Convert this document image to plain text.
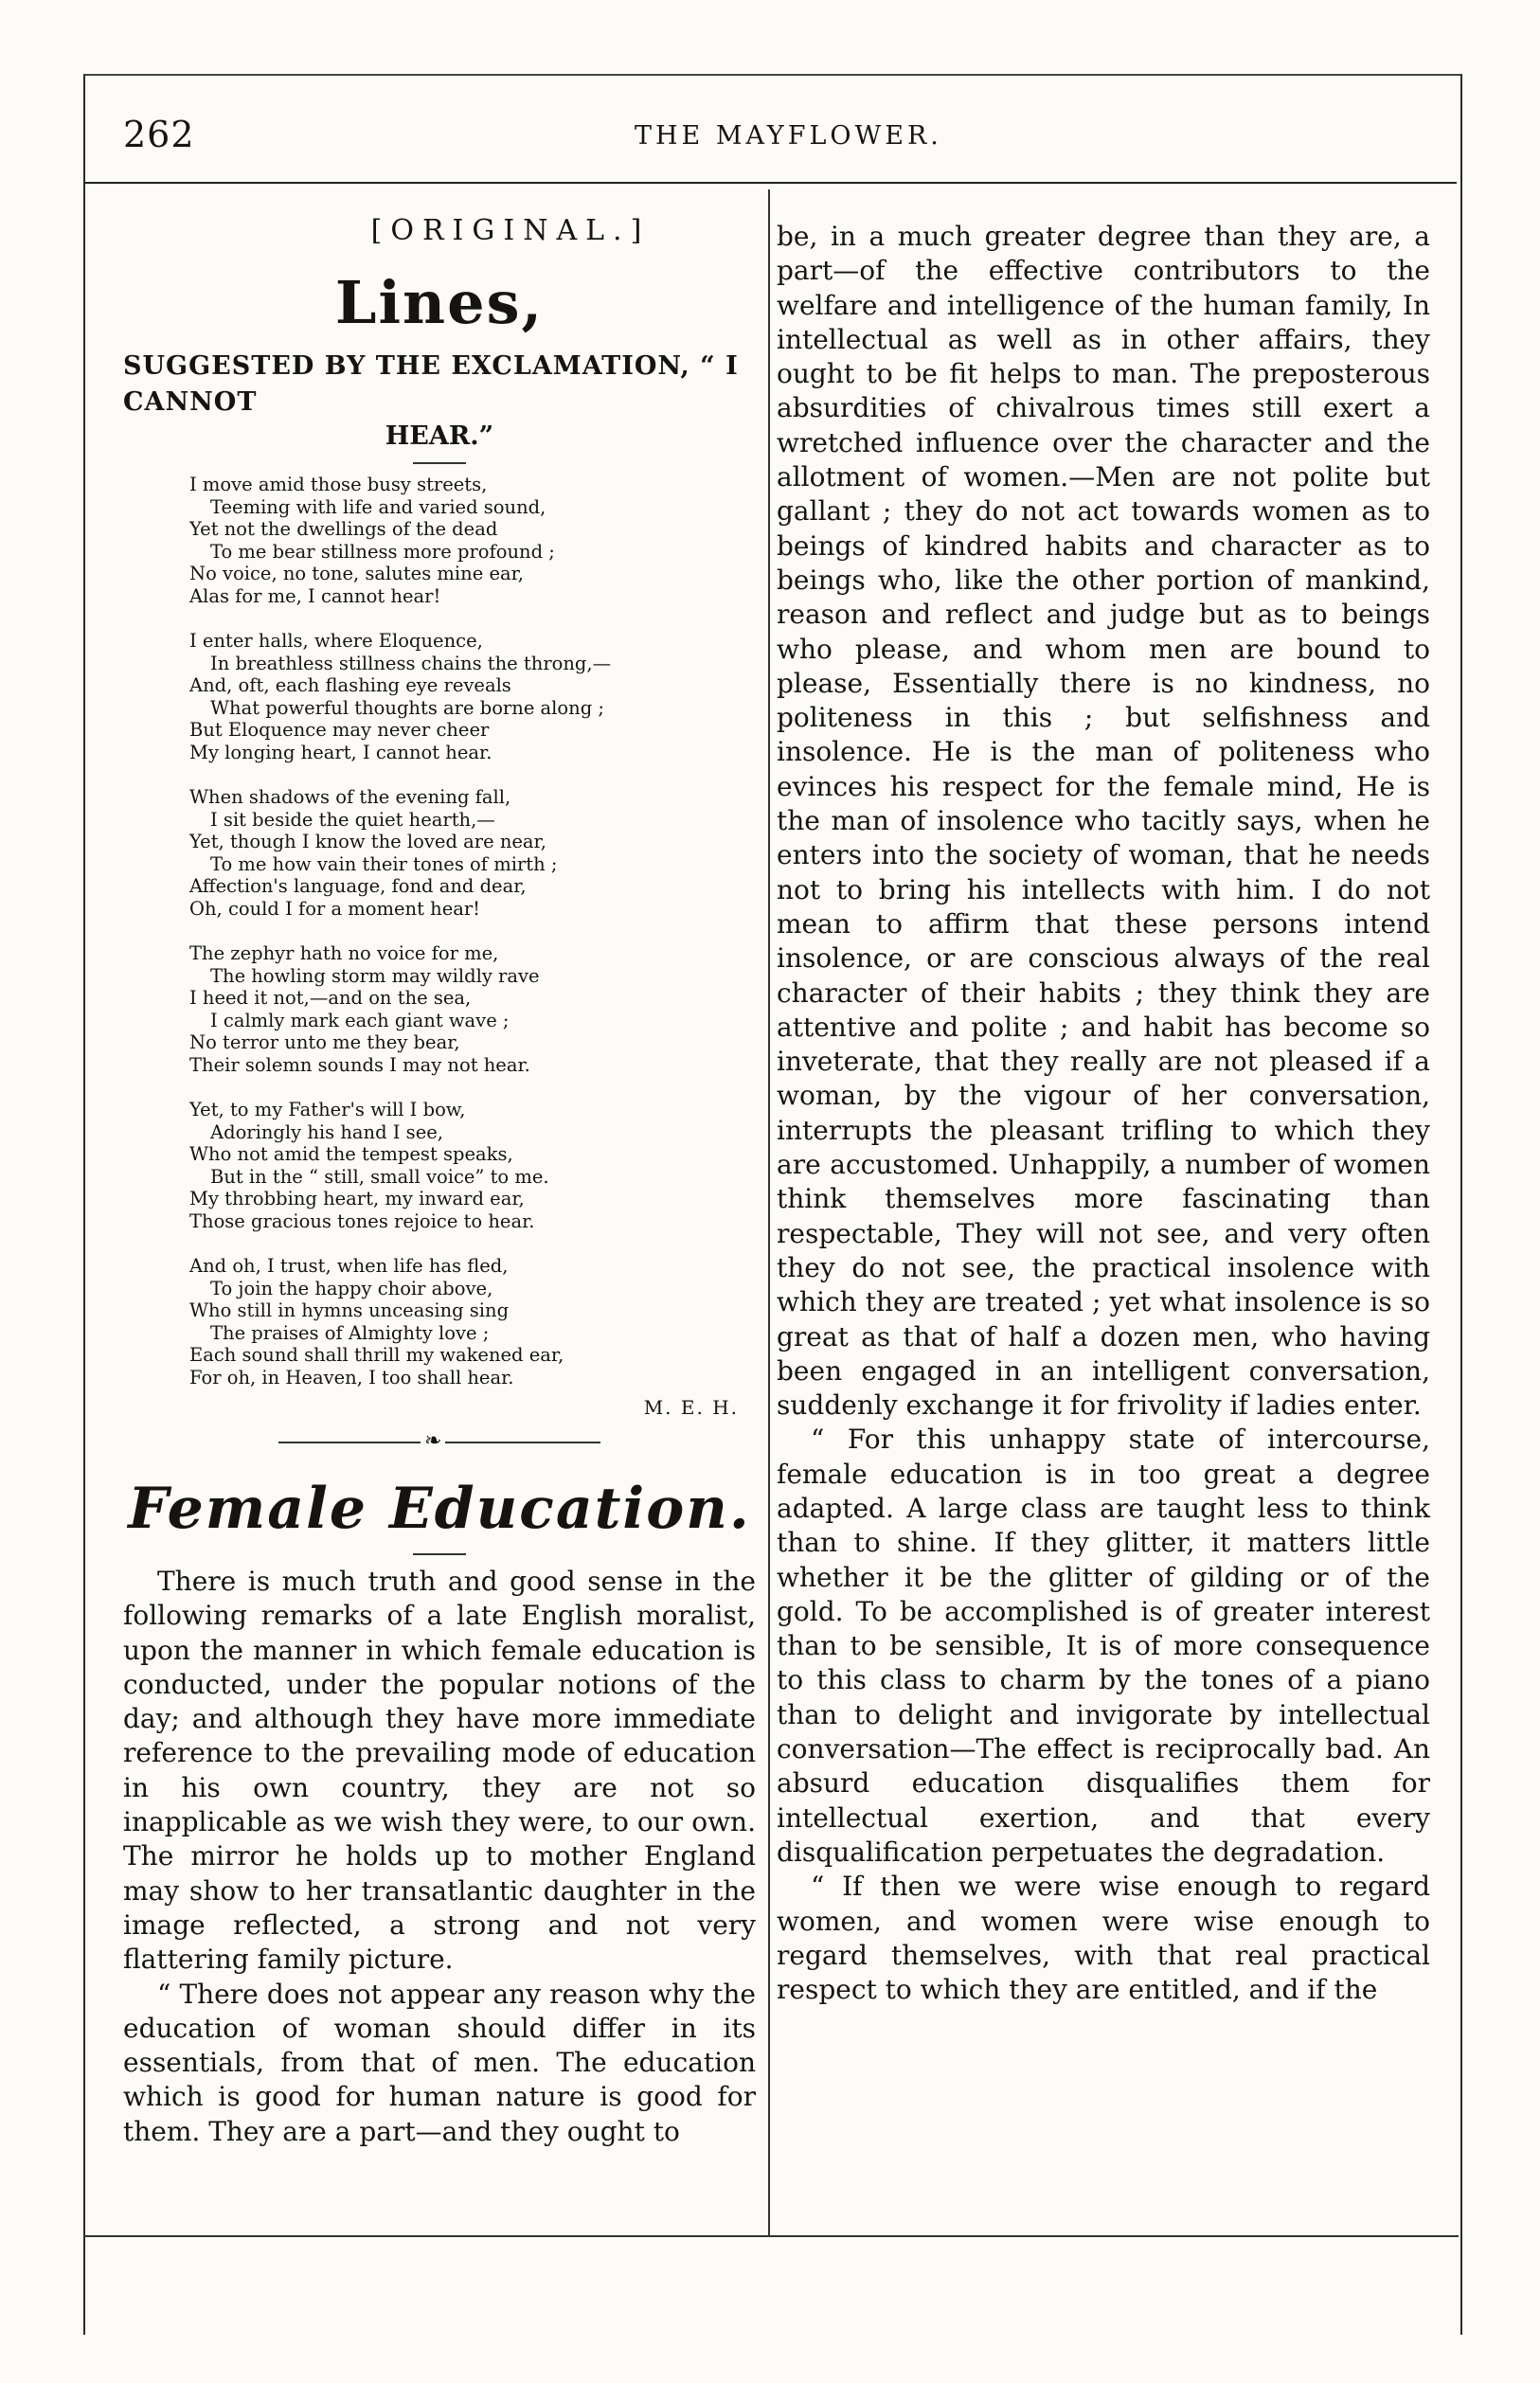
262	THE MAYFLOWER.
[ORIGINAL.]
Lines,
SUGGESTED BY THE EXCLAMATION, “ I CANNOT
HEAR.”
I move amid those busy streets,
Teeming with life and varied sound,
Yet not the dwellings of the dead
To me bear stillness more profound ;
No voice, no tone, salutes mine ear,
Alas for me, I cannot hear!
I enter halls, where Eloquence,
In breathless stillness chains the throng,—
And, oft, each flashing eye reveals
What powerful thoughts are borne along ;
But Eloquence may never cheer
My longing heart, I cannot hear.
When shadows of the evening fall,
I sit beside the quiet hearth,—
Yet, though I know the loved are near,
To me how vain their tones of mirth ;
Affection's language, fond and dear,
Oh, could I for a moment hear!
The zephyr hath no voice for me,
The howling storm may wildly rave
I heed it not,—and on the sea,
I calmly mark each giant wave ;
No terror unto me they bear,
Their solemn sounds I may not hear.
Yet, to my Father's will I bow,
Adoringly his hand I see,
Who not amid the tempest speaks,
But in the “ still, small voice” to me.
My throbbing heart, my inward ear,
Those gracious tones rejoice to hear.
And oh, I trust, when life has fled,
To join the happy choir above,
Who still in hymns unceasing sing
The praises of Almighty love ;
Each sound shall thrill my wakened ear,
For oh, in Heaven, I too shall hear.
M. E. H.
❧
Female Education.

There is much truth and good sense in the following remarks of a late English moralist, upon the manner in which female education is conducted, under the popular notions of the day; and although they have more immediate reference to the prevailing mode of education in his own country, they are not so inapplicable as we wish they were, to our own. The mirror he holds up to mother England may show to her transatlantic daughter in the image reflected, a strong and not very flattering family picture.

“ There does not appear any reason why the education of woman should differ in its essentials, from that of men. The education which is good for human nature is good for them. They are a part—and they ought to

be, in a much greater degree than they are, a part—of the effective contributors to the welfare and intelligence of the human family, In intellectual as well as in other affairs, they ought to be fit helps to man. The preposterous absurdities of chivalrous times still exert a wretched influence over the character and the allotment of women.—Men are not polite but gallant ; they do not act towards women as to beings of kindred habits and character as to beings who, like the other portion of mankind, reason and reflect and judge but as to beings who please, and whom men are bound to please, Essentially there is no kindness, no politeness in this ; but selfishness and insolence. He is the man of politeness who evinces his respect for the female mind, He is the man of insolence who tacitly says, when he enters into the society of woman, that he needs not to bring his intellects with him. I do not mean to affirm that these persons intend insolence, or are conscious always of the real character of their habits ; they think they are attentive and polite ; and habit has become so inveterate, that they really are not pleased if a woman, by the vigour of her conversation, interrupts the pleasant trifling to which they are accustomed. Unhappily, a number of women think themselves more fascinating than respectable, They will not see, and very often they do not see, the practical insolence with which they are treated ; yet what insolence is so great as that of half a dozen men, who having been engaged in an intelligent conversation, suddenly exchange it for frivolity if ladies enter.

“ For this unhappy state of intercourse, female education is in too great a degree adapted. A large class are taught less to think than to shine. If they glitter, it matters little whether it be the glitter of gilding or of the gold. To be accomplished is of greater interest than to be sensible, It is of more consequence to this class to charm by the tones of a piano than to delight and invigorate by intellectual conversation—The effect is reciprocally bad. An absurd education disqualifies them for intellectual exertion, and that every disqualification perpetuates the degradation.

“ If then we were wise enough to regard women, and women were wise enough to regard themselves, with that real practical respect to which they are entitled, and if the
